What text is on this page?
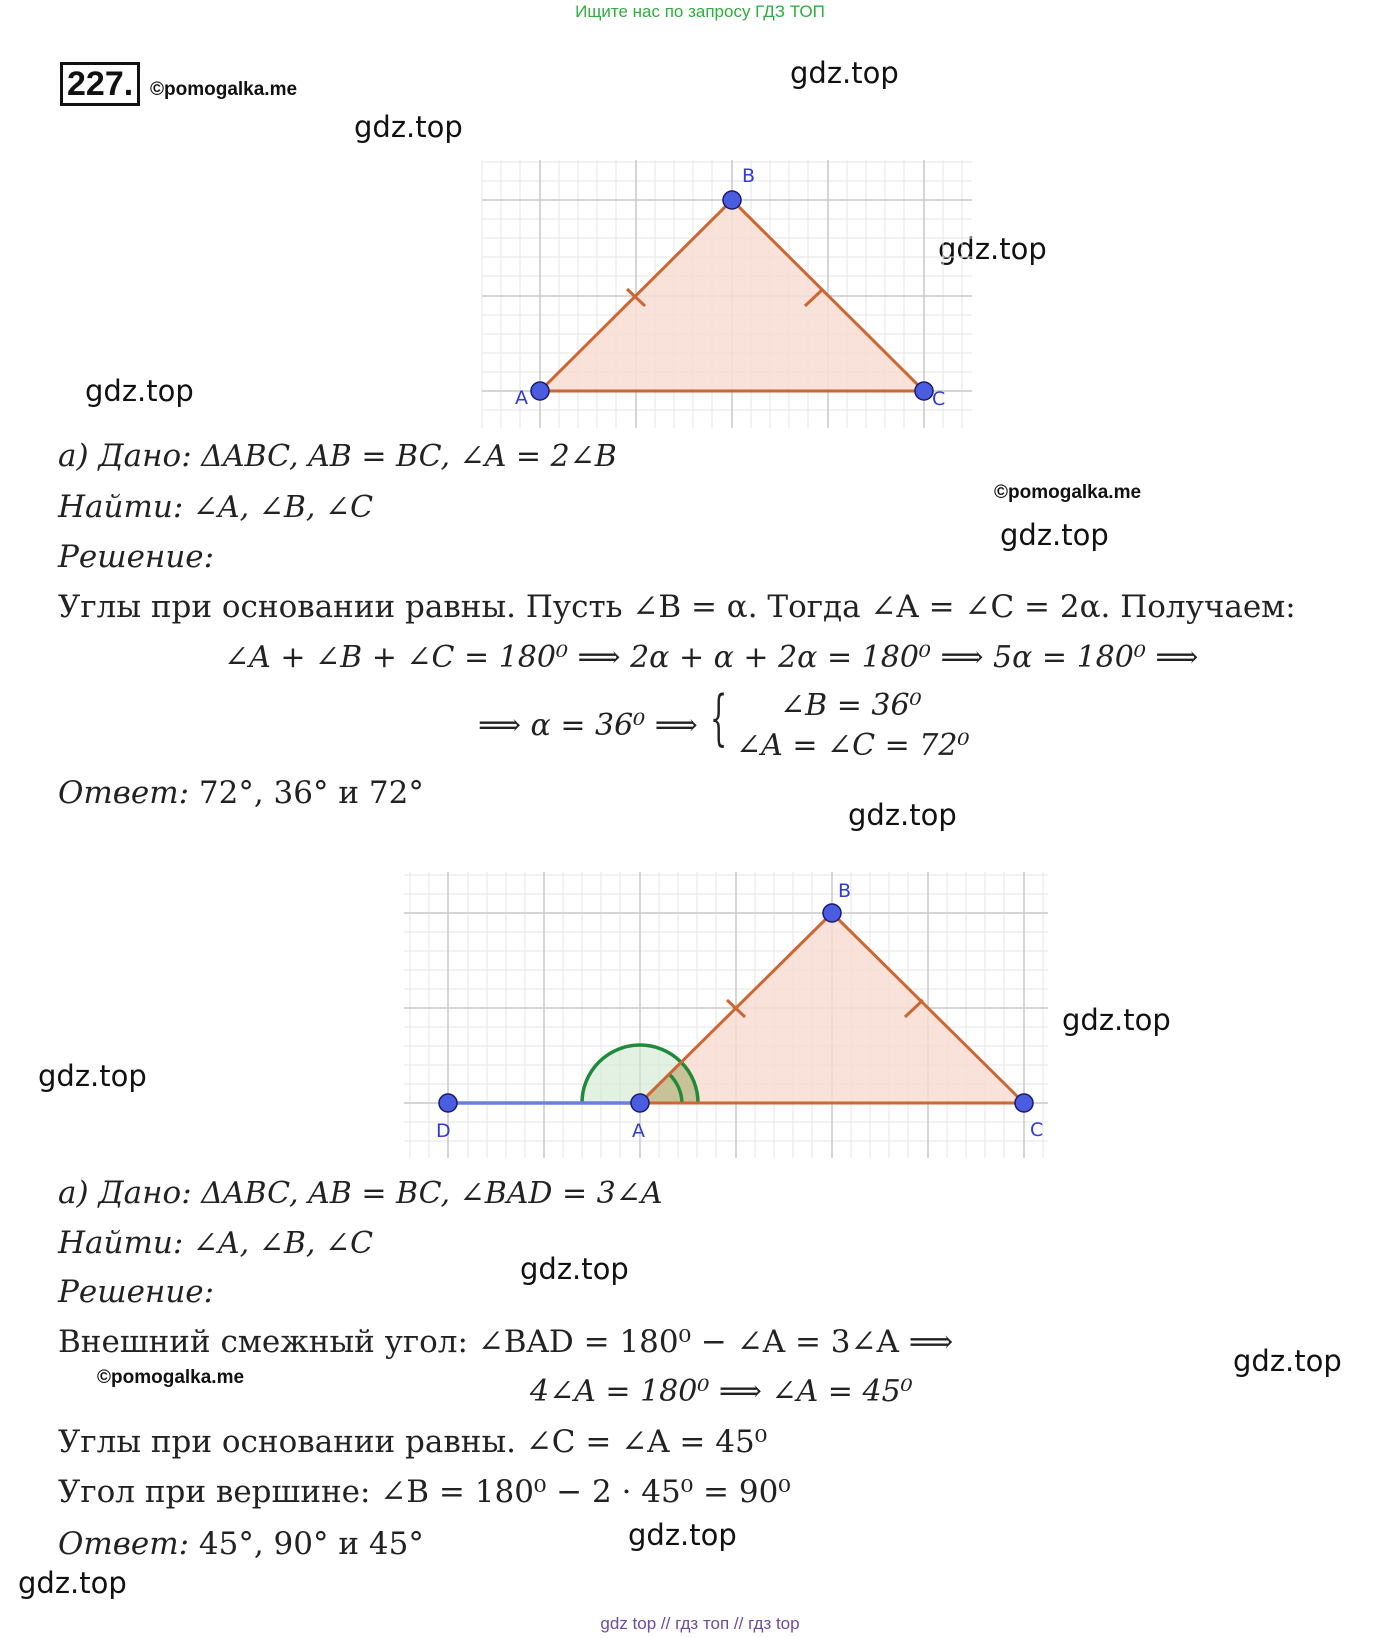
Ищите нас по запросу ГДЗ ТОП
227. ©pomogalka.me	gdz.top
gdz.top
gdz.top
gdz.top
©pomogalka.me
gdz.top
gdz.top
gdz.top
gdz.top
gdz.top
gdz.top
gdz.top
gdz.top
A
B
C
а) Дано: ΔABC, AB = BC, ∠A = 2∠B
Найти: ∠A, ∠B, ∠C
Решение:
Углы при основании равны. Пусть ∠B = α. Тогда ∠A = ∠C = 2α. Получаем:
∠A + ∠B + ∠C = 180⁰ ⟹ 2α + α + 2α = 180⁰ ⟹ 5α = 180⁰ ⟹
⟹ α = 36⁰ ⟹ { ∠B = 36⁰
∠A = ∠C = 72⁰
Ответ: 72°, 36° и 72°
D	A
B
C
а) Дано: ΔABC, AB = BC, ∠BAD = 3∠A
Найти: ∠A, ∠B, ∠C
Решение:
Внешний смежный угол: ∠BAD = 180⁰ − ∠A = 3∠A ⟹
©pomogalka.me	4∠A = 180⁰ ⟹ ∠A = 45⁰
Углы при основании равны. ∠C = ∠A = 45⁰
Угол при вершине: ∠B = 180⁰ − 2 · 45⁰ = 90⁰
Ответ: 45°, 90° и 45°
gdz top // гдз топ // гдз top
